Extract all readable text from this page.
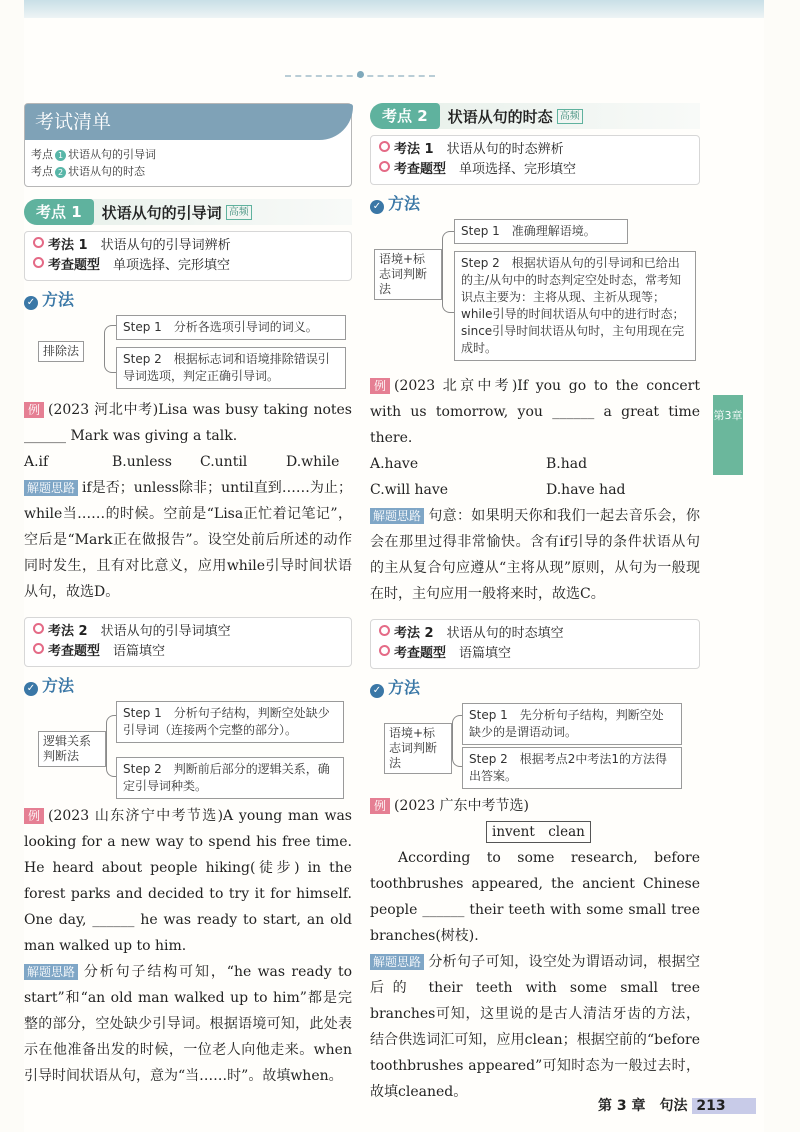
考试清单
考点 1 状语从句的引导词
考点 2 状语从句的时态
考点 1	状语从句的引导词 高频
考法 1　 状语从句的引导词辨析
考查题型　 单项选择、完形填空
✓ 方法
排除法
Step 1　分析各选项引导词的词义。
Step 2　根据标志词和语境排除错误引导词选项，判定正确引导词。
例 (2023 河北中考)Lisa was busy taking notes ______ Mark was giving a talk.
A.if	B.unless	C.until	D.while
解题思路 if是否；unless除非；until直到……为止；while当……的时候。空前是“Lisa正忙着记笔记”，空后是“Mark正在做报告”。设空处前后所述的动作同时发生，且有对比意义，应用while引导时间状语从句，故选D。
考法 2　 状语从句的引导词填空
考查题型　 语篇填空
✓ 方法
逻辑关系判断法
Step 1　分析句子结构，判断空处缺少引导词（连接两个完整的部分）。
Step 2　判断前后部分的逻辑关系，确定引导词种类。
例 (2023 山东济宁中考节选)A young man was looking for a new way to spend his free time. He heard about people hiking(徒步) in the forest parks and decided to try it for himself. One day, ______ he was ready to start, an old man walked up to him.
解题思路 分析句子结构可知，“he was ready to start”和“an old man walked up to him”都是完整的部分，空处缺少引导词。根据语境可知，此处表示在他准备出发的时候，一位老人向他走来。when引导时间状语从句，意为“当……时”。故填when。
考点 2	状语从句的时态 高频
考法 1　 状语从句的时态辨析
考查题型　 单项选择、完形填空
✓ 方法
语境+标志词判断法
Step 1　准确理解语境。
Step 2　根据状语从句的引导词和已给出的主/从句中的时态判定空处时态，常考知识点主要为：主将从现、主祈从现等；while引导的时间状语从句中的进行时态；since引导时间状语从句时，主句用现在完成时。
例 (2023 北京中考)If you go to the concert with us tomorrow, you ______ a great time there.
A.have	B.had
C.will have	D.have had
解题思路 句意：如果明天你和我们一起去音乐会，你会在那里过得非常愉快。含有if引导的条件状语从句的主从复合句应遵从“主将从现”原则，从句为一般现在时，主句应用一般将来时，故选C。
考法 2　 状语从句的时态填空
考查题型　 语篇填空
✓ 方法
语境+标志词判断法
Step 1　先分析句子结构，判断空处缺少的是谓语动词。
Step 2　根据考点2中考法1的方法得出答案。
例 (2023 广东中考节选)
invent　clean
According to some research, before toothbrushes appeared, the ancient Chinese people ______ their teeth with some small tree branches(树枝).
解题思路 分析句子可知，设空处为谓语动词，根据空后的 their teeth with some small tree branches可知，这里说的是古人清洁牙齿的方法，结合供选词汇可知，应用clean；根据空前的“before toothbrushes appeared”可知时态为一般过去时，故填cleaned。
第3章
第 3 章　句法 213
